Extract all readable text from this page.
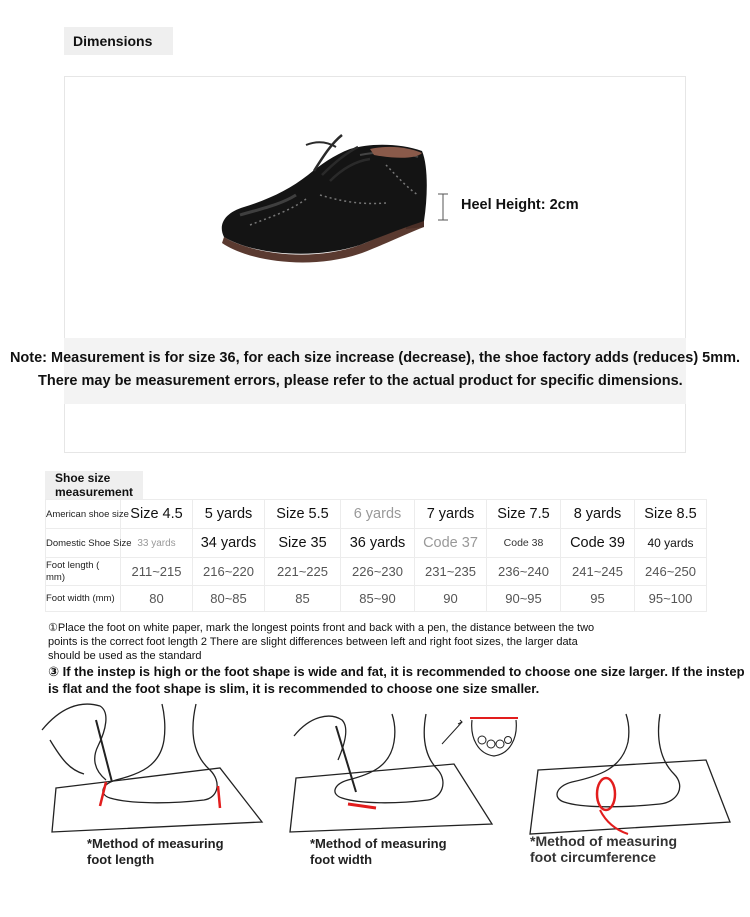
Dimensions
Heel Height: 2cm
Note: Measurement is for size 36, for each size increase (decrease), the shoe factory adds (reduces) 5mm.
There may be measurement errors, please refer to the actual product for specific dimensions.
Shoe size measurement
American shoe size	Size 4.5	5 yards	Size 5.5	6 yards	7 yards	Size 7.5	8 yards	Size 8.5
Domestic Shoe Size	33 yards	34 yards	Size 35	36 yards	Code 37	Code 38	Code 39	40 yards
Foot length ( mm)	211~215	216~220	221~225	226~230	231~235	236~240	241~245	246~250
Foot width (mm)	80	80~85	85	85~90	90	90~95	95	95~100
①Place the foot on white paper, mark the longest points front and back with a pen, the distance between the two points is the correct foot length 2 There are slight differences between left and right foot sizes, the larger data should be used as the standard
③ If the instep is high or the foot shape is wide and fat, it is recommended to choose one size larger. If the instep is flat and the foot shape is slim, it is recommended to choose one size smaller.
*Method of measuring
foot length
*Method of measuring
foot width
*Method of measuring
foot circumference
